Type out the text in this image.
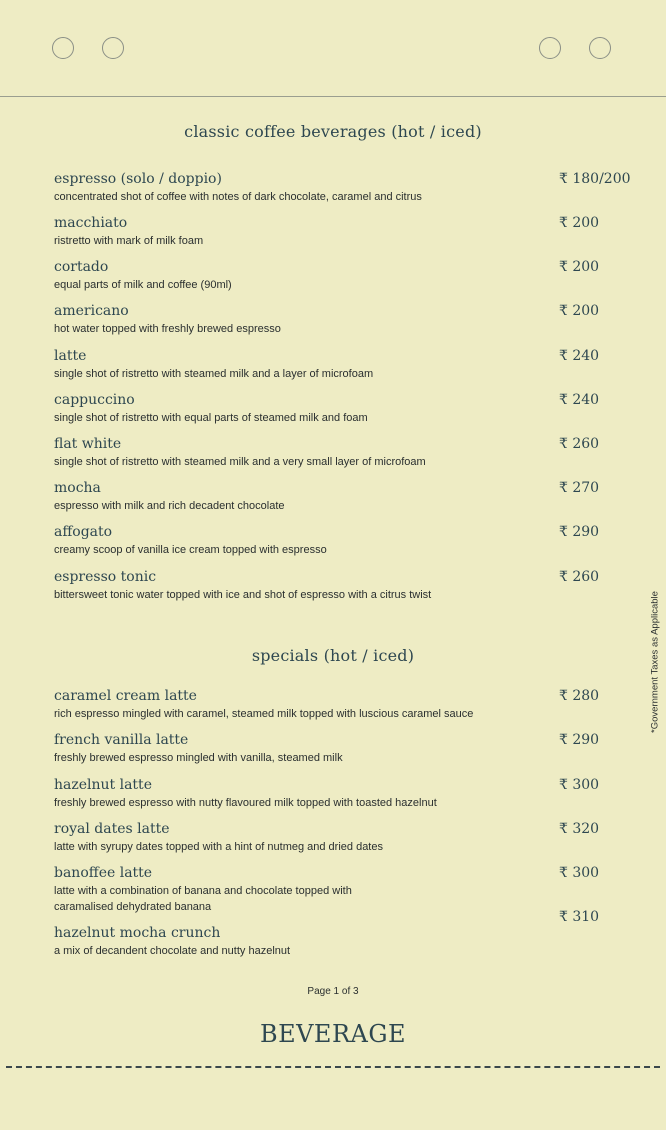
classic coffee beverages (hot / iced)
espresso (solo / doppio)
concentrated shot of coffee with notes of dark chocolate, caramel and citrus
₹ 180/200
macchiato
ristretto with mark of milk foam
₹ 200
cortado
equal parts of milk and coffee (90ml)
₹ 200
americano
hot water topped with freshly brewed espresso
₹ 200
latte
single shot of ristretto with steamed milk and a layer of microfoam
₹ 240
cappuccino
single shot of ristretto with equal parts of steamed milk and foam
₹ 240
flat white
single shot of ristretto with steamed milk and a very small layer of microfoam
₹ 260
mocha
espresso with milk and rich decadent chocolate
₹ 270
affogato
creamy scoop of vanilla ice cream topped with espresso
₹ 290
espresso tonic
bittersweet tonic water topped with ice and shot of espresso with a citrus twist
₹ 260
specials (hot / iced)
caramel cream latte
rich espresso mingled with caramel, steamed milk topped with luscious caramel sauce
₹ 280
french vanilla latte
freshly brewed espresso mingled with vanilla, steamed milk
₹ 290
hazelnut latte
freshly brewed espresso with nutty flavoured milk topped with toasted hazelnut
₹ 300
royal dates latte
latte with syrupy dates topped with a hint of nutmeg and dried dates
₹ 320
banoffee latte
latte with a combination of banana and chocolate topped with
caramalised dehydrated banana
₹ 300
₹ 310
hazelnut mocha crunch
a mix of decandent chocolate and nutty hazelnut
*Government Taxes as Applicable
Page 1 of 3
BEVERAGE
